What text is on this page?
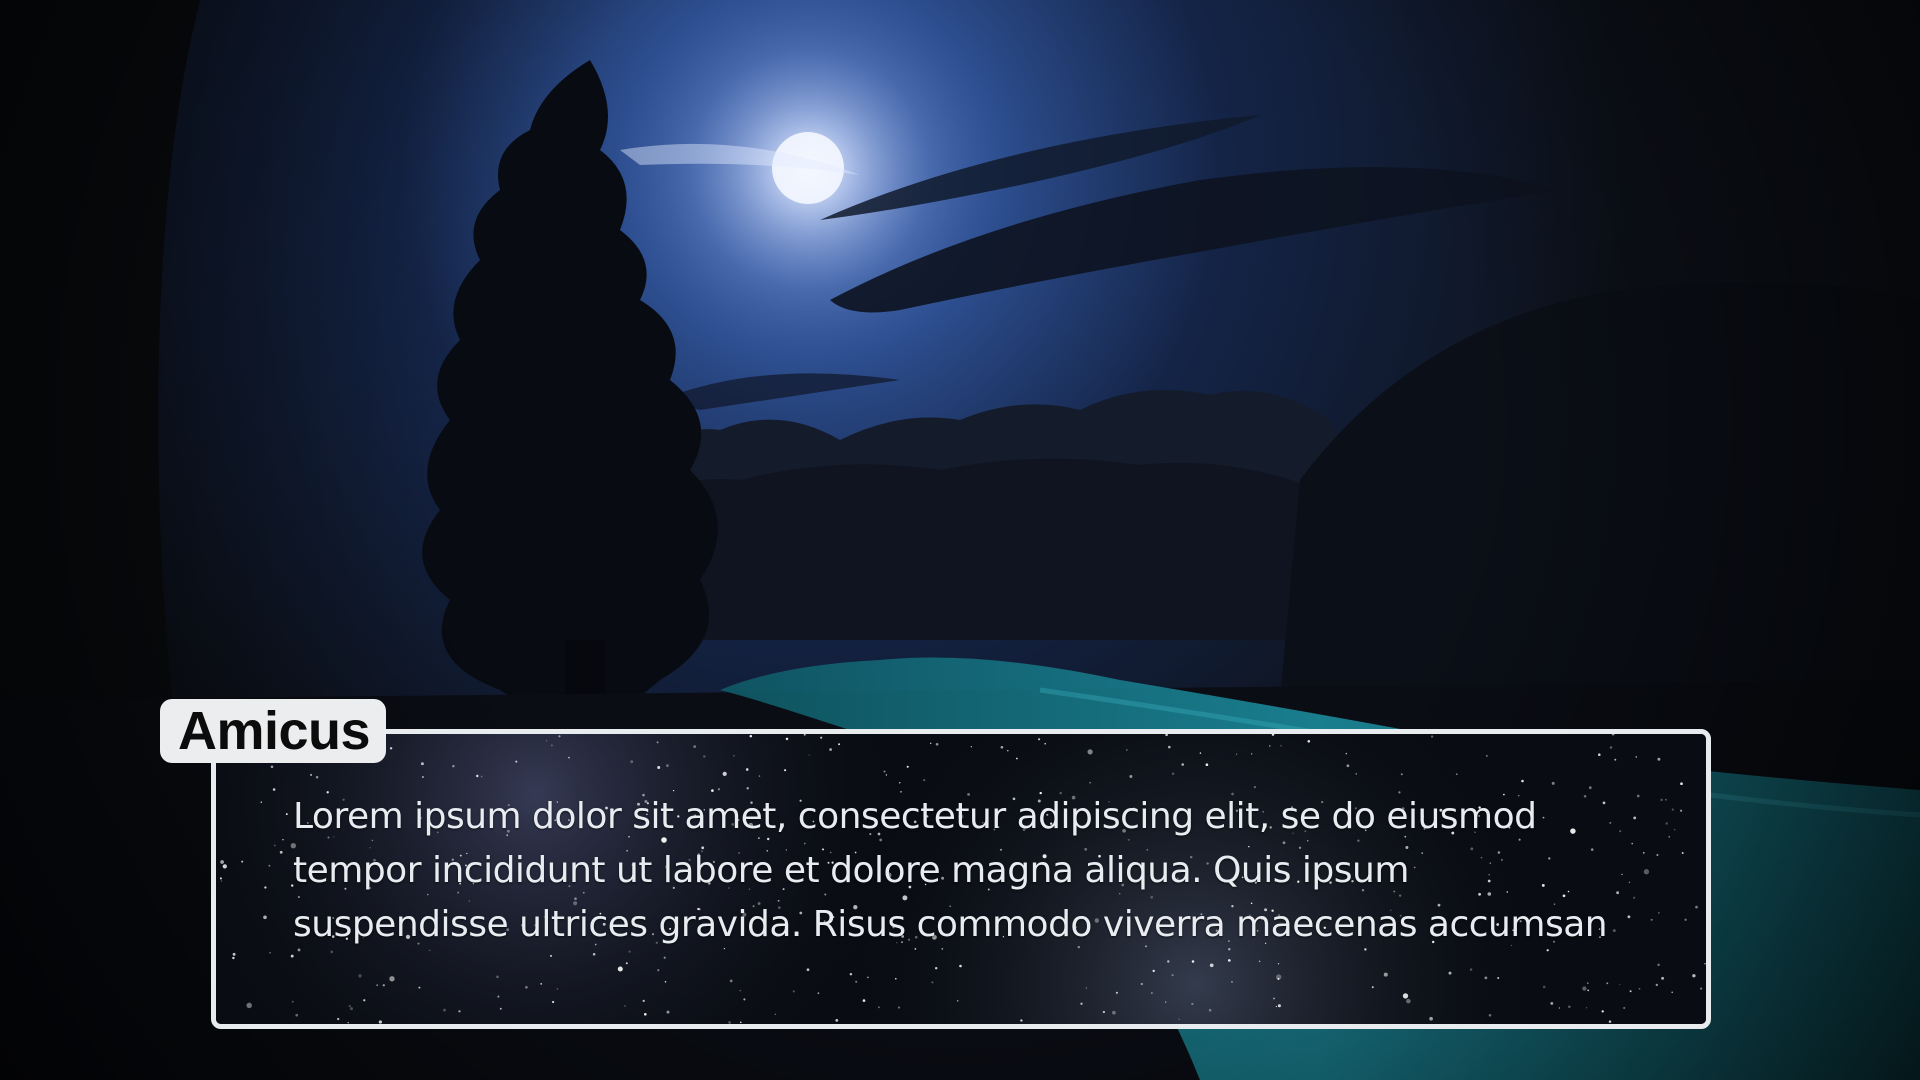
Lorem ipsum dolor sit amet, consectetur adipiscing elit, se do eiusmod
tempor incididunt ut labore et dolore magna aliqua. Quis ipsum
suspendisse ultrices gravida. Risus commodo viverra maecenas accumsan

Amicus
